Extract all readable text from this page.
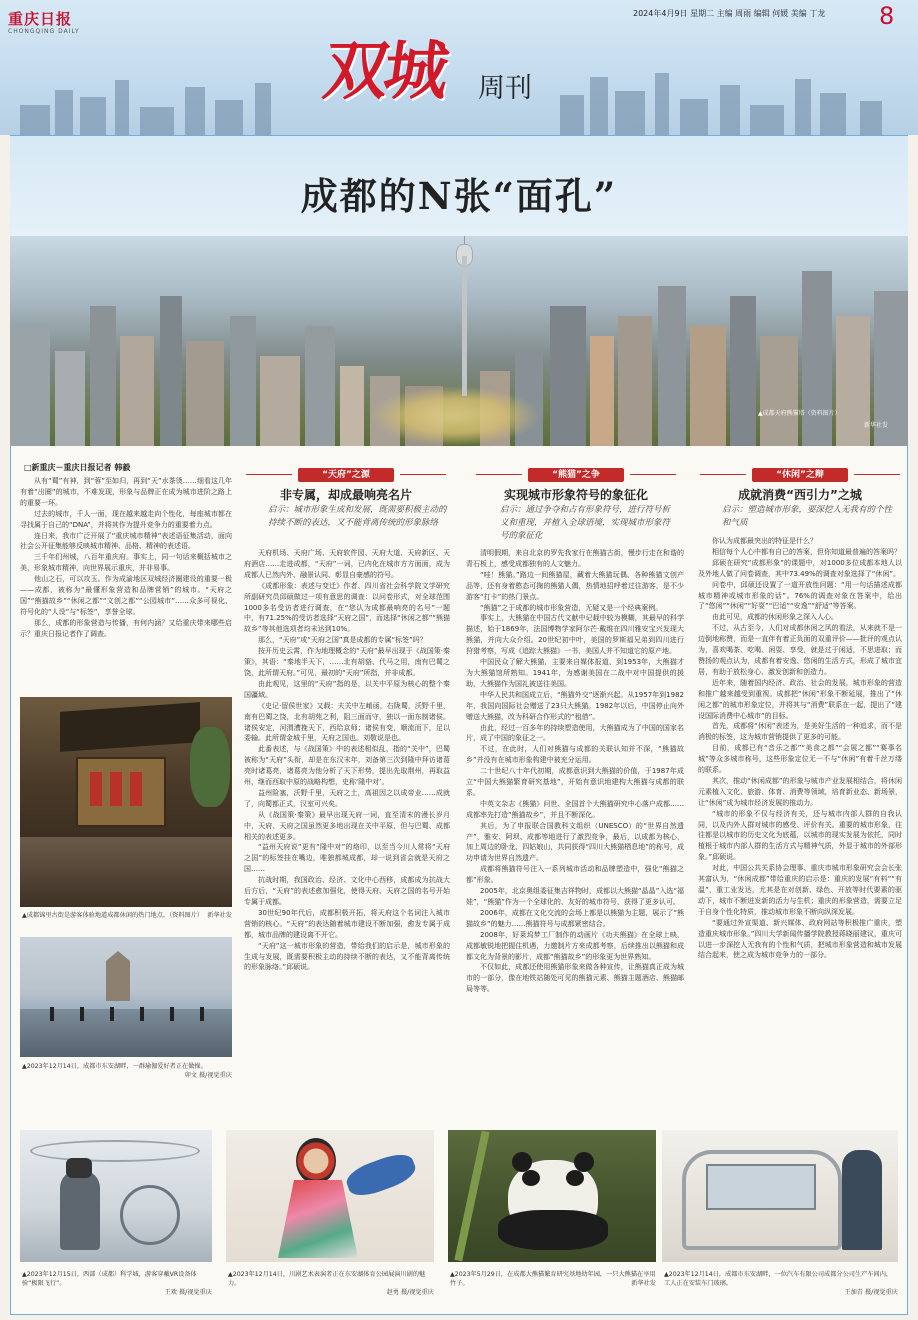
重庆日报
CHONGQING DAILY
2024年4月9日 星期二 主编 周雨 编辑 何媛 美编 丁龙 8
双城 周刊
成都的N张“面孔”
▲成都天府熊猫塔（资料图片）
新华社发
□新重庆－重庆日报记者 韩毅

从有“蜀”有神，到“蓉”至如归，再到“天”水茶烫……细看这几年有着“出圈”的城市，不难发现，形象与品牌正在成为城市进阶之路上的重要一环。

过去的城市，千人一面，现在越来越走向个性化，每座城市都在寻找属于自己的“DNA”，并将其作为提升竞争力的重要着力点。

连日来，我市广泛开展了“重庆城市精神”表述语征集活动，面向社会公开征集能够反映城市精神、品格、精神的表述语。

三千年们州城，八百年重庆府。事实上，同一句话来概括城市之美，形象城市精神，向世界展示重庆，并非易事。

他山之石，可以攻玉。作为成渝地区双城经济圈建设的重要一极——成都，被称为“最懂形象营造和品牌营销”的城市。“天府之国”“熊猫故乡”“休闲之都”“文创之都”“公园城市”……众多可视化、符号化的“人设”与“标签”，享誉全球。

那么，成都的形象营造与传播，有何内涵？又给重庆带来哪些启示？重庆日报记者作了调查。

▲成都锦里古街是游客体验地道成都休闲的热门地点。（资料图片） 新华社发
▲2023年12月14日，成都市东安湖畔，一群瑜伽爱好者正在做操。

卯文 摄/视觉重庆
“天府”之源
非专属，却成最响亮名片
启示：城市形象生成和发展，既需要积极主动的持续不断的表达，又不能背离传统的形象脉络

天府机场、天府广场、天府软件园、天府大道、天府新区、天府酒店……走进成都，“天府”一词，已内化在城市方方面面，成为成都人已然内外、融景认同、彰显自豪感的符号。

《成都形象：表述与变迁》作者、四川省社会科学院文学研究所副研究员邱硕做过一项有意思的调查：以问卷形式，对全球范围1000多名受访者进行调查，在“您认为成都最响亮的名号”一题中，有71.25%的受访者选择“天府之国”，而选择“休闲之都”“熊猫故乡”等其他选项者均未达到10%。

那么，“天府”或“天府之国”真是成都的专属“标签”吗？

按开历史云霄，作为地理概念的“天府”最早出现于《战国策·秦策》，其语：“秦地半天下，……北有胡貉、代马之用，南有巴蜀之饶，此所谓天府。”可见，最初的“天府”所指，并非成都。

由此观见，这里的“天府”指的是，以关中平原为核心的整个秦国疆域。

《史记·留侯世家》又载：夫关中左崤函，右陇蜀，沃野千里，南有巴蜀之饶，北有胡苑之利，阻三面而守，独以一面东制诸侯。诸侯安定，河渭漕挽天下，西给京师；诸侯有变，顺流而下，足以委输。此所谓金城千里，天府之国也。刘敬说是也。

此番表述，与《战国策》中的表述相似乱，指的“关中”，巴蜀被称为“天府”头衔，却是在东汉末年，刘备第三次到隆中拜访诸葛亮时诸葛亮，诸葛亮为他分析了天下形势，提出先取荆州，再取益州，继而西取中原的战略构想，史称‘隆中对’。

益州险塞，沃野千里，天府之土，高祖因之以成帝业……成就了，向蜀都正式，汉室可兴矣。

从《战国策·秦策》最早出现天府一词，直至清末的漫长岁月中，天府、天府之国虽然更多地出现在关中平原，但与巴蜀、成都相关的表述更多。

“益州天府说”更有“隆中对”的烙印，以至当今川人常将“天府之国”的标签挂在嘴边，唯独都城成都，却一说到省会就是天府之国……

抗战时期，我国政治、经济、文化中心西移，成都成为抗战大后方后，“天府”的表述愈加强化，使得天府、天府之国的名号开始专属于成都。

30世纪90年代后，成都积极开拓，将天府这个名词注入城市营销的核心。“天府”的表达随着城市建设不断加强，愈发专属于成都，城市品牌的建设离不开它。

“天府”这一城市形象的营造，带给我们的启示是，城市形象的生成与发展，既需要积极主动的持续不断的表达，又不能背离传统的形象脉络。”邱硕说。

“熊猫”之争
实现城市形象符号的象征化
启示：通过争夺和占有形象符号，进行符号析义和重现，并植入全球语境，实现城市形象符号的象征化

清明假期，来自北京的罗先我家行在熊猫古街，慢步行走在和谐的青石板上，感受成都独有的人文魅力。

“哇！熊猫。”路边一间熊猫屋，藏着大熊猫玩偶、各种熊猫文创产品等，还有身着憨态可掬的熊猫人偶，热情地招呼着过往游客，是不少游客“打卡”的热门景点。

“熊猫”之于成都的城市形象营造，无疑又是一个经典案例。

事实上，大熊猫在中国古代文献中记载中较为模糊，其最早的科学描述，始于1869年，法国博物学家阿尔芒·戴维在四川雅安宝兴发现大熊猫，并向大众介绍。20世纪初中叶，美国的罗斯福兄弟到四川进行狩猎考察，写成《追踪大熊猫》一书，美国人并不知道它的原产地。

中国民众了解大熊猫，主要来自媒体报道，到1953年，大熊猫才为大熊猫馆所熟知。1941年，为感谢美国在二战中对中国提供的援助，大熊猫作为国礼被送往美国。

中华人民共和国成立后，“熊猫外交”逐渐兴起。从1957年到1982年，我国向国际社会赠送了23只大熊猫。1982年以后，中国停止向外赠送大熊猫，改为科研合作形式的“租借”。

由此，经过一百多年的持续塑造使用，大熊猫成为了中国的国家名片，成了中国的象征之一。

不过，在此时，人们对熊猫与成都的关联认知并不深，“熊猫故乡”并没有在城市形象构建中被充分运用。

二十世纪八十年代初期，成都意识到大熊猫的价值，于1987年成立“中国大熊猫繁育研究基地”，开始有意识地建构大熊猫与成都的联系。

中英文杂志《熊猫》问世、全国首个大熊猫研究中心落户成都……成都率先打造“熊猫故乡”，并且不断深化。

其后，为了申报联合国教科文组织（UNESCO）的“世界自然遗产”，雅安、阿坝、成都等地进行了激烈竞争，最后，以成都为核心，加上周边的卧龙、四姑娘山，共同获得“四川大熊猫栖息地”的称号，成功申请为世界自然遗产。

成都将熊猫符号注入一系列城市活动和品牌塑造中，强化“熊猫之都”形象。

2005年，北京奥组委征集吉祥物时，成都以大熊猫“晶晶”入选“福娃”，“熊猫”作为一个全球化的、友好的城市符号，获得了更多认可。

2006年，成都在文化交流的会场上都是以熊猫为主题，展示了“熊猫故乡”的魅力……熊猫符号与成都紧密结合。

2008年，好莱坞梦工厂制作的动画片《功夫熊猫》在全球上映，成都敏锐地把握住机遇，力邀制片方来成都考察，后续推出以熊猫和成都文化为背景的影片，成都“熊猫故乡”的形象更为世界熟知。

不仅如此，成都还使用熊猫形象来做各种宣传，让熊猫真正成为城市的一部分，像在地铁站随处可见的熊猫元素、熊猫主题酒店、熊猫邮局等等。

“休闲”之辩
成就消费“西引力”之城
启示：塑造城市形象，要深挖人无我有的个性和气质

你认为成都最突出的特征是什么？

相信每个人心中都有自己的答案，但你知道最普遍的答案吗？

邱硕在研究“成都形象”的课题中，对1000多位成都本地人以及外地人做了问卷调查，其中73.49%的调查对象选择了“休闲”。

问卷中，邱硕还设置了一道开放性问题：“用一句话描述成都城市精神或城市形象的话”。76%的调查对象在答案中，给出了“悠闲”“休闲”“好耍”“巴适”“安逸”“舒适”等答案。

由此可见，成都的休闲形象之深入人心。

不过，从古至今，人们对成都休闲之风的看法，从来就不是一边倒地称赞，而是一直伴有着正负面的双重评价——批评的观点认为，喜欢喝茶、吃喝、闲耍、享受，就是过于闲适，不思进取；而赞扬的观点认为，成都有着安逸、悠闲的生活方式，形成了城市宜居，有助于放松身心、激发创新和创造力。

近年来，随着国内经济、政治、社会的发展，城市形象的营造和推广越来越受到重视。成都把“休闲”形象不断延展，推出了“休闲之都”的城市形象定位，并将其与“消费”联系在一起，提出了“建设国际消费中心城市”的目标。

首先，成都将“休闲”表述为，是美好生活的一种追求，而不是消极的标签，这为城市营销提供了更多的可能。

目前，成都已有“音乐之都”“美食之都”“会展之都”“赛事名城”等众多城市称号，这些形象定位无一不与“休闲”有着千丝万缕的联系。

其次，推动“休闲成都”的形象与城市产业发展相结合，将休闲元素植入文化、旅游、体育、消费等领域，培育新业态、新场景，让“休闲”成为城市经济发展的推动力。

“城市的形象不仅与经济有关，还与城市内部人群的自我认同，以及内外人群对城市的感受、评价有关。重要的城市形象，往往都是以城市的历史文化为底蕴，以城市的现实发展为依托，同时植根于城市内部人群的生活方式与精神气质，外显于城市的外部形象。”邱硕说。

对此，中国公共关系协会理事、重庆市城市形象研究会会长张其富认为，“休闲成都”带给重庆的启示是：重庆的发展“有料”“有温”，重工业发达，尤其是在对创新、绿色、开放等时代要素的驱动下，城市不断迸发新的活力与生机；重庆的形象营造，需要立足于自身个性化特质，推动城市形象不断向纵深发展。

“要通过外宣渠道、新兴媒体、政府网站等积极推广重庆，塑造重庆城市形象。”四川大学新闻传播学院教授蒋晓丽建议，重庆可以进一步深挖人无我有的个性和气质，把城市形象营造和城市发展结合起来，使之成为城市竞争力的一部分。

▲2023年12月15日，西部（成都）科学城，游客穿戴VR设备体验“极限飞行”。

王欢 摄/视觉重庆
▲2023年12月14日，川剧艺术表演者正在东安湖体育公园展演川剧的魅力。

赵勇 摄/视觉重庆
▲2023年5月29日，在成都大熊猫繁育研究基地幼年园，一只大熊猫在享用竹子。	新华社发
▲2023年12月14日，成都市东安湖畔，一位汽车有限公司成都分公司生产车间内，工人正在安装车门玻璃。

王加青 摄/视觉重庆
